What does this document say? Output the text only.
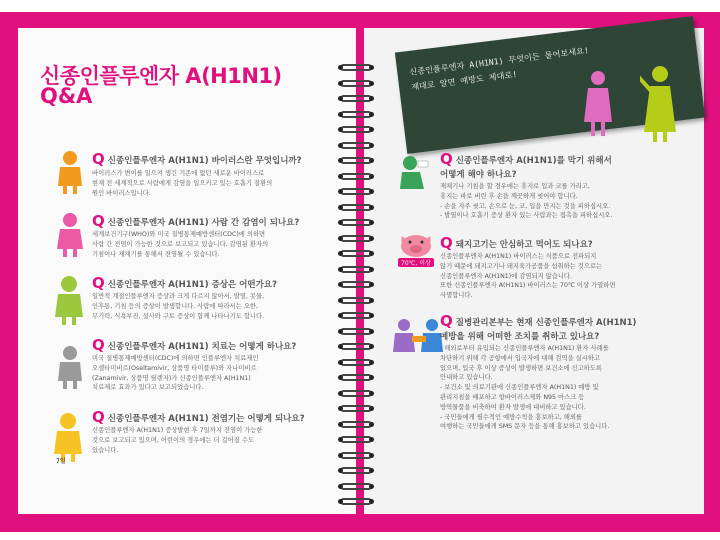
신종인플루엔자 A(H1N1)
Q&A
신종인플루엔자 A(H1N1) 무엇이든 물어보세요!
제대로 알면 예방도 제대로!
7일
70℃, 이상
Q신종인플루엔자 A(H1N1) 바이러스란 무엇입니까?
바이러스가 변이를 일으켜 생긴 기존에 없던 새로운 바이러스로
현재 전 세계적으로 사람에게 감염을 일으키고 있는 호흡기 질환의
원인 바이러스입니다.
Q신종인플루엔자 A(H1N1) 사람 간 감염이 되나요?
세계보건기구(WHO)와 미국 질병통제예방센터(CDC)에 의하면
사람 간 전염이 가능한 것으로 보고되고 있습니다. 감염된 환자의
기침이나 재채기를 통해서 전염될 수 있습니다.
Q신종인플루엔자 A(H1N1) 증상은 어떤가요?
일반적 계절인플루엔자 증상과 크게 다르지 않아서, 발열, 콧물,
인후통, 기침 등의 증상이 발생합니다. 사람에 따라서는 오한,
무기력, 식욕부진, 설사와 구토 증상이 함께 나타나기도 합니다.
Q신종인플루엔자 A(H1N1) 치료는 어떻게 하나요?
미국 질병통제예방센터(CDC)에 의하면 인플루엔자 치료제인
오셀타미비르(Oseltamivir, 상품명 타미플루)와 자나미비르
(Zanamivir, 상품명 릴렌자)가 신종인플루엔자 A(H1N1)
치료제로 효과가 있다고 보고되었습니다.
Q신종인플루엔자 A(H1N1) 전염기는 어떻게 되나요?
신종인플루엔자 A(H1N1) 증상발현 후 7일까지 전염이 가능한
것으로 보고되고 있으며, 어린이의 경우에는 더 길어질 수도
있습니다.
Q신종인플루엔자 A(H1N1)를 막기 위해서
어떻게 해야 하나요?
재채기나 기침을 할 경우에는 휴지로 입과 코를 가리고,
휴지는 바로 버린 후 손을 깨끗하게 씻어야 합니다.
- 손을 자주 씻고, 손으로 눈, 코, 입을 만지는 것을 피하십시오.
- 발열이나 호흡기 증상 환자 있는 사람과는 접촉을 피하십시오.
Q돼지고기는 안심하고 먹어도 되나요?
신종인플루엔자 A(H1N1) 바이러스는 식품으로 전파되지
않기 때문에 돼지고기나 돼지육가공품을 섭취하는 것으로는
신종인플루엔자 A(H1N1)에 감염되지 않습니다.
또한 신종인플루엔자 A(H1N1) 바이러스는 70℃ 이상 가열하면
사멸합니다.
Q질병관리본부는 현재 신종인플루엔자 A(H1N1)
예방을 위해 어떠한 조치를 취하고 있나요?
- 해외로부터 유입되는 신종인플루엔자 A(H1N1) 환자 사례를
차단하기 위해 각 공항에서 입국자에 대해 검역을 실시하고
있으며, 입국 후 이상 증상이 발생하면 보건소에 신고하도록
안내하고 있습니다.
- 보건소 및 의료기관에 신종인플루엔자 A(H1N1) 예방 및
관리지침을 배포하고 항바이러스제와 N95 마스크 등
방역물품을 비축하여 환자 발생에 대비하고 있습니다.
- 국민들에게 필수적인 예방수칙을 홍보하고, 해외를
여행하는 국민들에게 SMS 문자 등을 통해 홍보하고 있습니다.
